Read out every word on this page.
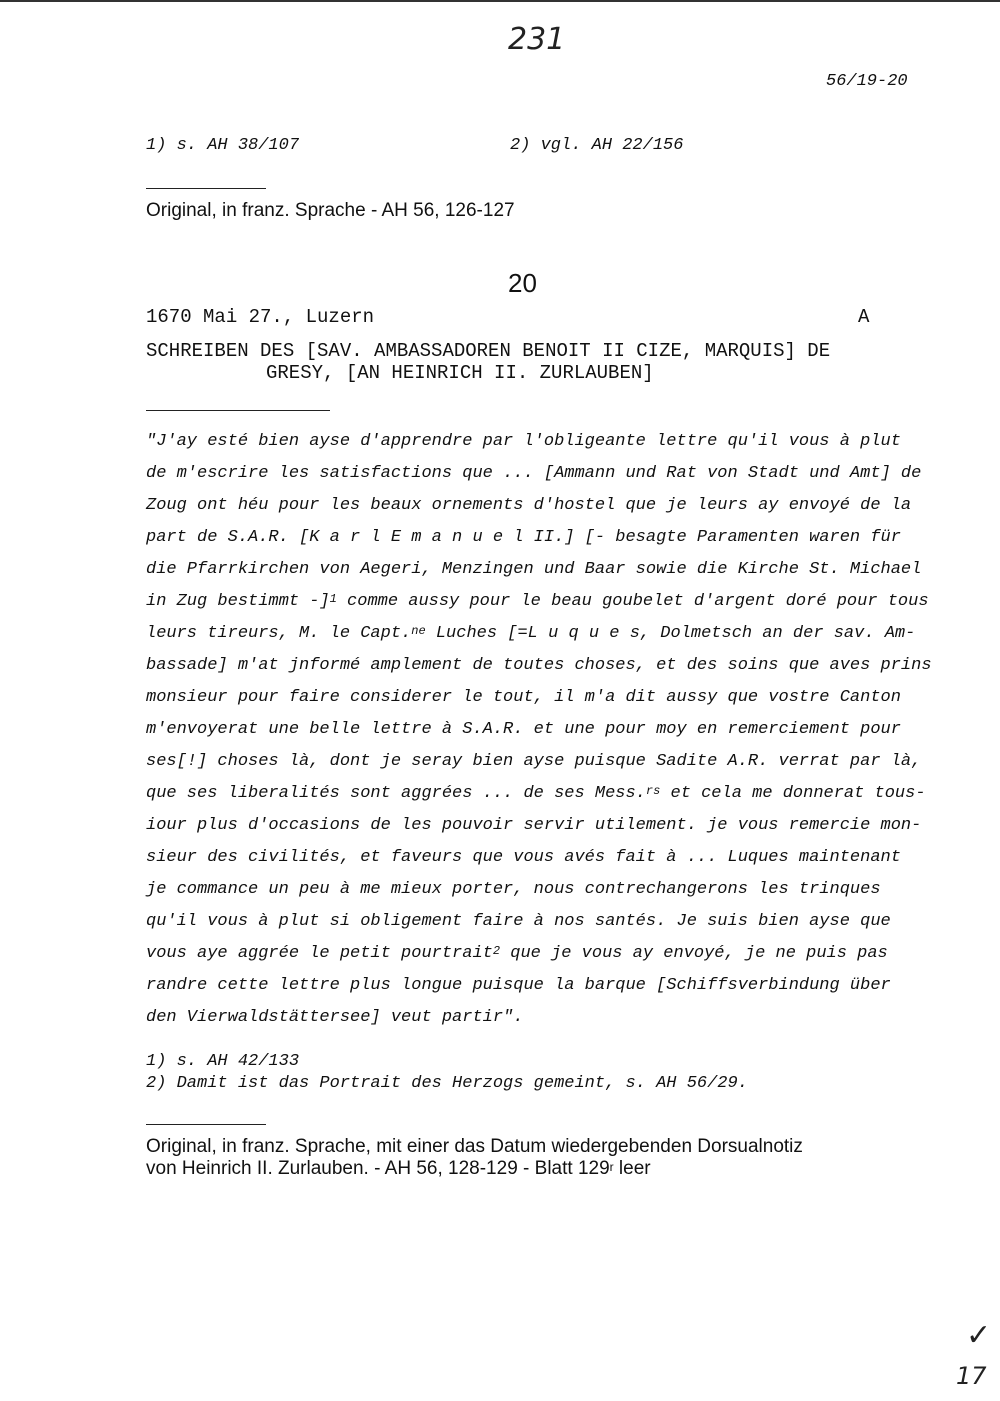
231
56/19-20
1) s. AH 38/107	2) vgl. AH 22/156
Original, in franz. Sprache - AH 56, 126-127
20
1670 Mai 27., Luzern	A
SCHREIBEN DES [SAV. AMBASSADOREN BENOIT II CIZE, MARQUIS] DE
GRESY, [AN HEINRICH II. ZURLAUBEN]
"J'ay esté bien ayse d'apprendre par l'obligeante lettre qu'il vous à plut
de m'escrire les satisfactions que ... [Ammann und Rat von Stadt und Amt] de
Zoug ont héu pour les beaux ornements d'hostel que je leurs ay envoyé de la
part de S.A.R. [K a r l E m a n u e l II.] [- besagte Paramenten waren für
die Pfarrkirchen von Aegeri, Menzingen und Baar sowie die Kirche St. Michael
in Zug bestimmt -]$^1$ comme aussy pour le beau goubelet d'argent doré pour tous
leurs tireurs, M. le Capt.$^{ne}$ Luches [=L u q u e s, Dolmetsch an der sav. Am-
bassade] m'at jnformé amplement de toutes choses, et des soins que aves prins
monsieur pour faire considerer le tout, il m'a dit aussy que vostre Canton
m'envoyerat une belle lettre à S.A.R. et une pour moy en remerciement pour
ses[!] choses là, dont je seray bien ayse puisque Sadite A.R. verrat par là,
que ses liberalités sont aggrées ... de ses Mess.$^{rs}$ et cela me donnerat tous-
iour plus d'occasions de les pouvoir servir utilement. je vous remercie mon-
sieur des civilités, et faveurs que vous avés fait à ... Luques maintenant
je commance un peu à me mieux porter, nous contrechangerons les trinques
qu'il vous à plut si obligement faire à nos santés. Je suis bien ayse que
vous aye aggrée le petit pourtrait$^2$ que je vous ay envoyé, je ne puis pas
randre cette lettre plus longue puisque la barque [Schiffsverbindung über
den Vierwaldstättersee] veut partir".
1) s. AH 42/133
2) Damit ist das Portrait des Herzogs gemeint, s. AH 56/29.
Original, in franz. Sprache, mit einer das Datum wiedergebenden Dorsualnotiz
von Heinrich II. Zurlauben. - AH 56, 128-129 - Blatt 129$^r$ leer
✓
17
